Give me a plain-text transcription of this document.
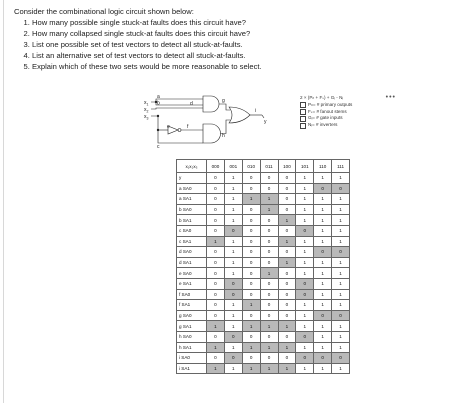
Consider the combinational logic circuit shown below:

1. How many possible single stuck-at faults does this circuit have?
2. How many collapsed single stuck-at faults does this circuit have?
3. List one possible set of test vectors to detect all stuck-at-faults.
4. List an alternative set of test vectors to detect all stuck-at-faults.
5. Explain which of these two sets would be more reasonable to select.
$x_1$
$x_2$
$x_3$
a
b	d
c
e
g
f
h
i
y
•••
2 × (Pₙ + Fₛ) + Gᵢ - Nᵢ
Pₙ= # primary outputs
Fₛ= # fanout stems
Gᵢ= # gate inputs
Nᵢ= # inverters
x₁x₂x₃	000	001	010	011	100	101	110	111
y	0	1	0	0	0	1	1	1
a SA0	0	1	0	0	0	1	0	0
a SA1	0	1	1	1	0	1	1	1
b SA0	0	1	0	1	0	1	1	1
b SA1	0	1	0	0	1	1	1	1
c SA0	0	0	0	0	0	0	1	1
c SA1	1	1	0	0	1	1	1	1
d SA0	0	1	0	0	0	1	0	0
d SA1	0	1	0	0	1	1	1	1
e SA0	0	1	0	1	0	1	1	1
e SA1	0	0	0	0	0	0	1	1
f SA0	0	0	0	0	0	0	1	1
f SA1	0	1	1	0	0	1	1	1
g SA0	0	1	0	0	0	1	0	0
g SA1	1	1	1	1	1	1	1	1
h SA0	0	0	0	0	0	0	1	1
h SA1	1	1	1	1	1	1	1	1
i SA0	0	0	0	0	0	0	0	0
i SA1	1	1	1	1	1	1	1	1
